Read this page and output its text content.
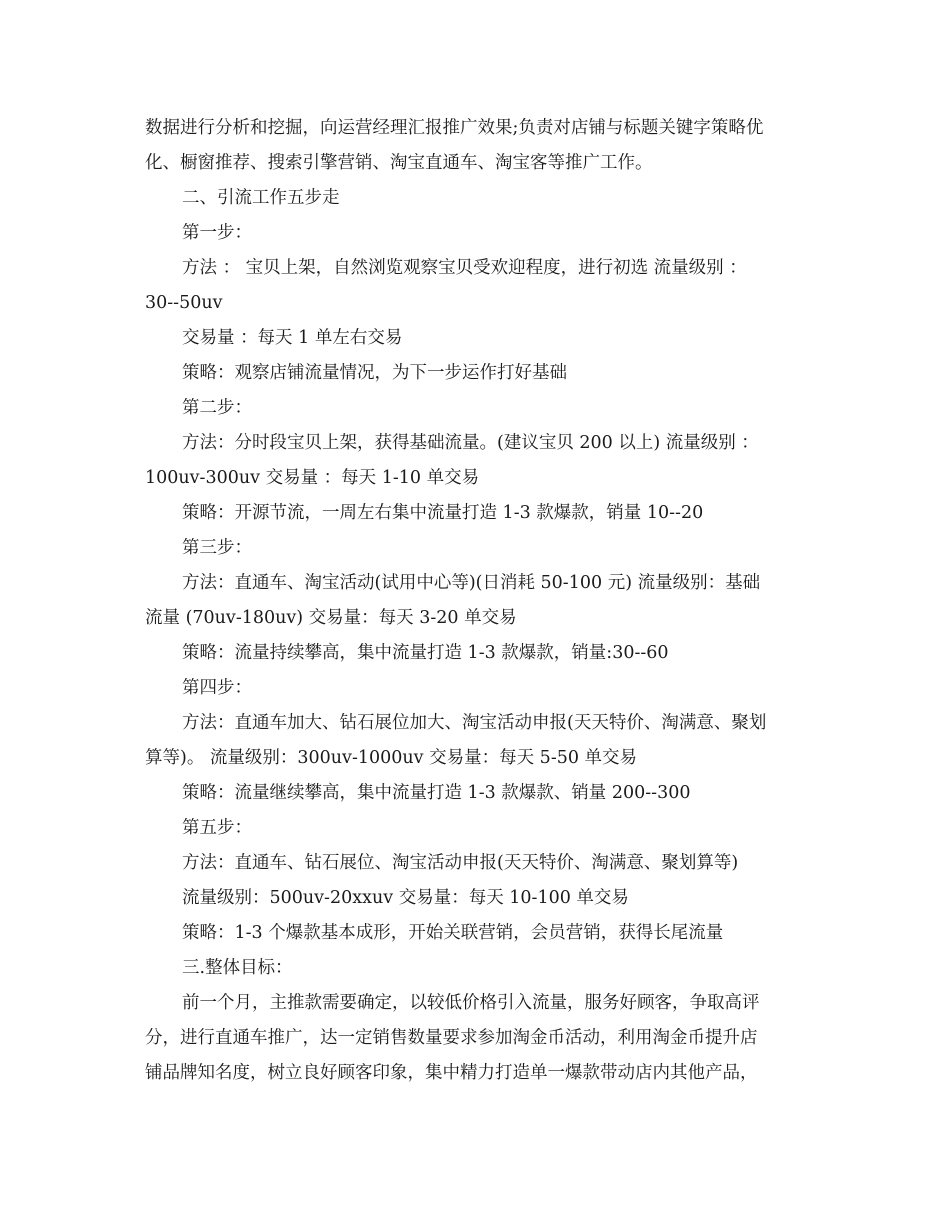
数据进行分析和挖掘，向运营经理汇报推广效果;负责对店铺与标题关键字策略优
化、橱窗推荐、搜索引擎营销、淘宝直通车、淘宝客等推广工作。
二、引流工作五步走
第一步：
方法 ： 宝贝上架，自然浏览观察宝贝受欢迎程度，进行初选 流量级别 ：
30--50uv
交易量 ：每天 1 单左右交易
策略：观察店铺流量情况，为下一步运作打好基础
第二步：
方法：分时段宝贝上架，获得基础流量。(建议宝贝 200 以上) 流量级别 ：
100uv-300uv 交易量 ：每天 1-10 单交易
策略：开源节流，一周左右集中流量打造 1-3 款爆款，销量 10--20
第三步：
方法：直通车、淘宝活动(试用中心等)(日消耗 50-100 元) 流量级别：基础
流量 (70uv-180uv) 交易量：每天 3-20 单交易
策略：流量持续攀高，集中流量打造 1-3 款爆款，销量:30--60
第四步：
方法：直通车加大、钻石展位加大、淘宝活动申报(天天特价、淘满意、聚划
算等)。 流量级别：300uv-1000uv 交易量：每天 5-50 单交易
策略：流量继续攀高，集中流量打造 1-3 款爆款、销量 200--300
第五步：
方法：直通车、钻石展位、淘宝活动申报(天天特价、淘满意、聚划算等)
流量级别：500uv-20xxuv 交易量：每天 10-100 单交易
策略：1-3 个爆款基本成形，开始关联营销，会员营销，获得长尾流量
三.整体目标：
前一个月，主推款需要确定，以较低价格引入流量，服务好顾客，争取高评
分，进行直通车推广，达一定销售数量要求参加淘金币活动，利用淘金币提升店
铺品牌知名度，树立良好顾客印象，集中精力打造单一爆款带动店内其他产品，
